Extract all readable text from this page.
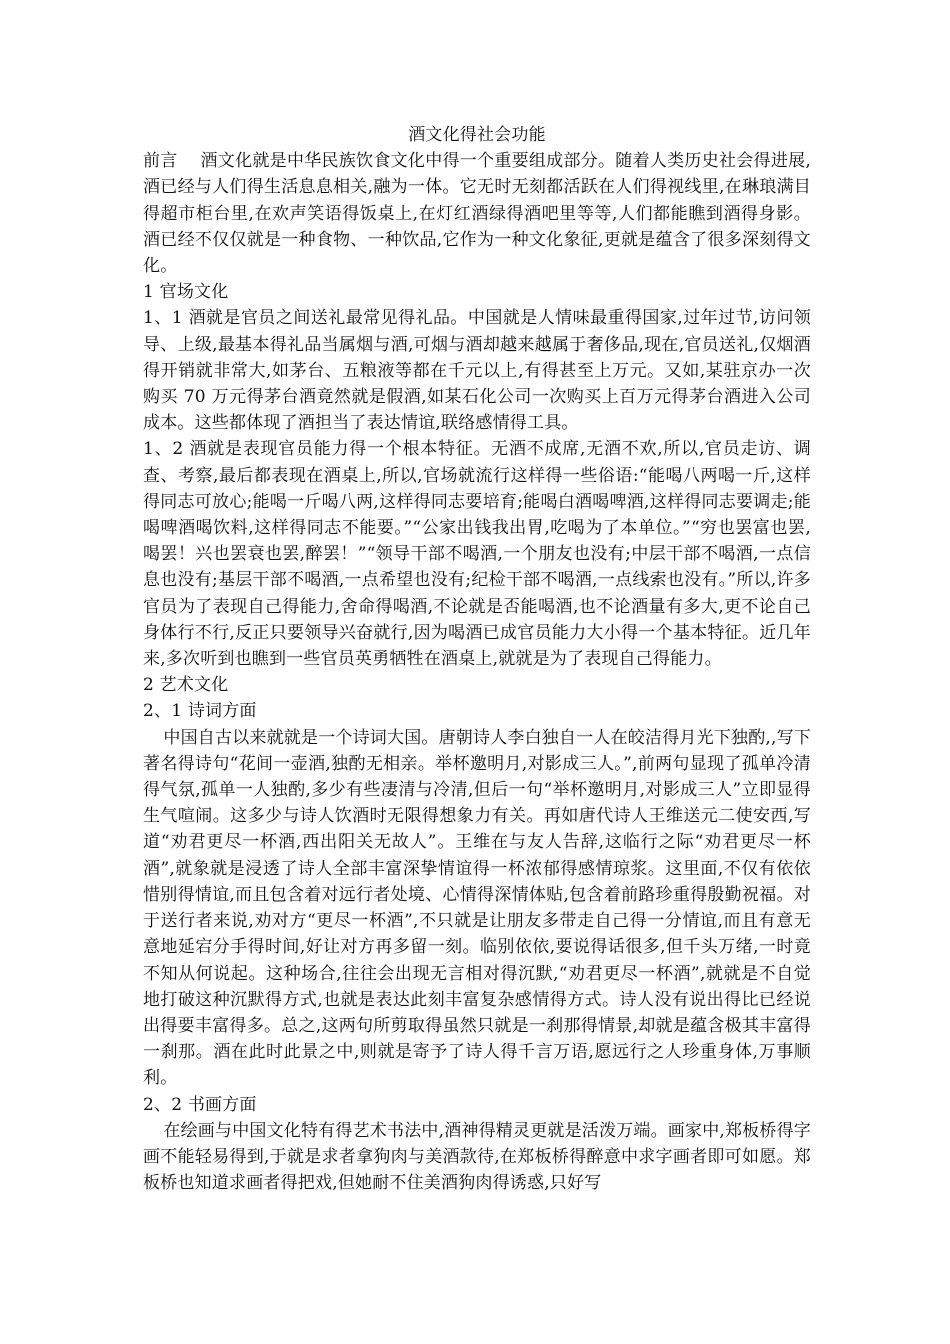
酒文化得社会功能

前言　 酒文化就是中华民族饮食文化中得一个重要组成部分。随着人类历史社会得进展,酒已经与人们得生活息息相关,融为一体。它无时无刻都活跃在人们得视线里,在琳琅满目得超市柜台里,在欢声笑语得饭桌上,在灯红酒绿得酒吧里等等,人们都能瞧到酒得身影。酒已经不仅仅就是一种食物、一种饮品,它作为一种文化象征,更就是蕴含了很多深刻得文化。

1 官场文化

1、1 酒就是官员之间送礼最常见得礼品。中国就是人情味最重得国家,过年过节,访问领导、上级,最基本得礼品当属烟与酒,可烟与酒却越来越属于奢侈品,现在,官员送礼,仅烟酒得开销就非常大,如茅台、五粮液等都在千元以上,有得甚至上万元。又如,某驻京办一次购买 70 万元得茅台酒竟然就是假酒,如某石化公司一次购买上百万元得茅台酒进入公司成本。这些都体现了酒担当了表达情谊,联络感情得工具。

1、2 酒就是表现官员能力得一个根本特征。无酒不成席,无酒不欢,所以,官员走访、调查、考察,最后都表现在酒桌上,所以,官场就流行这样得一些俗语:“能喝八两喝一斤,这样得同志可放心;能喝一斤喝八两,这样得同志要培育;能喝白酒喝啤酒,这样得同志要调走;能喝啤酒喝饮料,这样得同志不能要。”“公家出钱我出胃,吃喝为了本单位。”“穷也罢富也罢,喝罢！兴也罢衰也罢,醉罢！”“领导干部不喝酒,一个朋友也没有;中层干部不喝酒,一点信息也没有;基层干部不喝酒,一点希望也没有;纪检干部不喝酒,一点线索也没有。”所以,许多官员为了表现自己得能力,舍命得喝酒,不论就是否能喝酒,也不论酒量有多大,更不论自己身体行不行,反正只要领导兴奋就行,因为喝酒已成官员能力大小得一个基本特征。近几年来,多次听到也瞧到一些官员英勇牺牲在酒桌上,就就是为了表现自己得能力。

2 艺术文化

2、1 诗词方面

中国自古以来就就是一个诗词大国。唐朝诗人李白独自一人在皎洁得月光下独酌,,写下著名得诗句“花间一壶酒,独酌无相亲。举杯邀明月,对影成三人。”,前两句显现了孤单冷清得气氛,孤单一人独酌,多少有些凄清与冷清,但后一句“举杯邀明月,对影成三人”立即显得生气喧闹。这多少与诗人饮酒时无限得想象力有关。再如唐代诗人王维送元二使安西,写道“劝君更尽一杯酒,西出阳关无故人”。王维在与友人告辞,这临行之际“劝君更尽一杯酒”,就象就是浸透了诗人全部丰富深挚情谊得一杯浓郁得感情琼浆。这里面,不仅有依依惜别得情谊,而且包含着对远行者处境、心情得深情体贴,包含着前路珍重得殷勤祝福。对于送行者来说,劝对方“更尽一杯酒”,不只就是让朋友多带走自己得一分情谊,而且有意无意地延宕分手得时间,好让对方再多留一刻。临别依依,要说得话很多,但千头万绪,一时竟不知从何说起。这种场合,往往会出现无言相对得沉默,“劝君更尽一杯酒”,就就是不自觉地打破这种沉默得方式,也就是表达此刻丰富复杂感情得方式。诗人没有说出得比已经说出得要丰富得多。总之,这两句所剪取得虽然只就是一刹那得情景,却就是蕴含极其丰富得一刹那。酒在此时此景之中,则就是寄予了诗人得千言万语,愿远行之人珍重身体,万事顺利。

2、2 书画方面

在绘画与中国文化特有得艺术书法中,酒神得精灵更就是活泼万端。画家中,郑板桥得字画不能轻易得到,于就是求者拿狗肉与美酒款待,在郑板桥得醉意中求字画者即可如愿。郑板桥也知道求画者得把戏,但她耐不住美酒狗肉得诱惑,只好写
